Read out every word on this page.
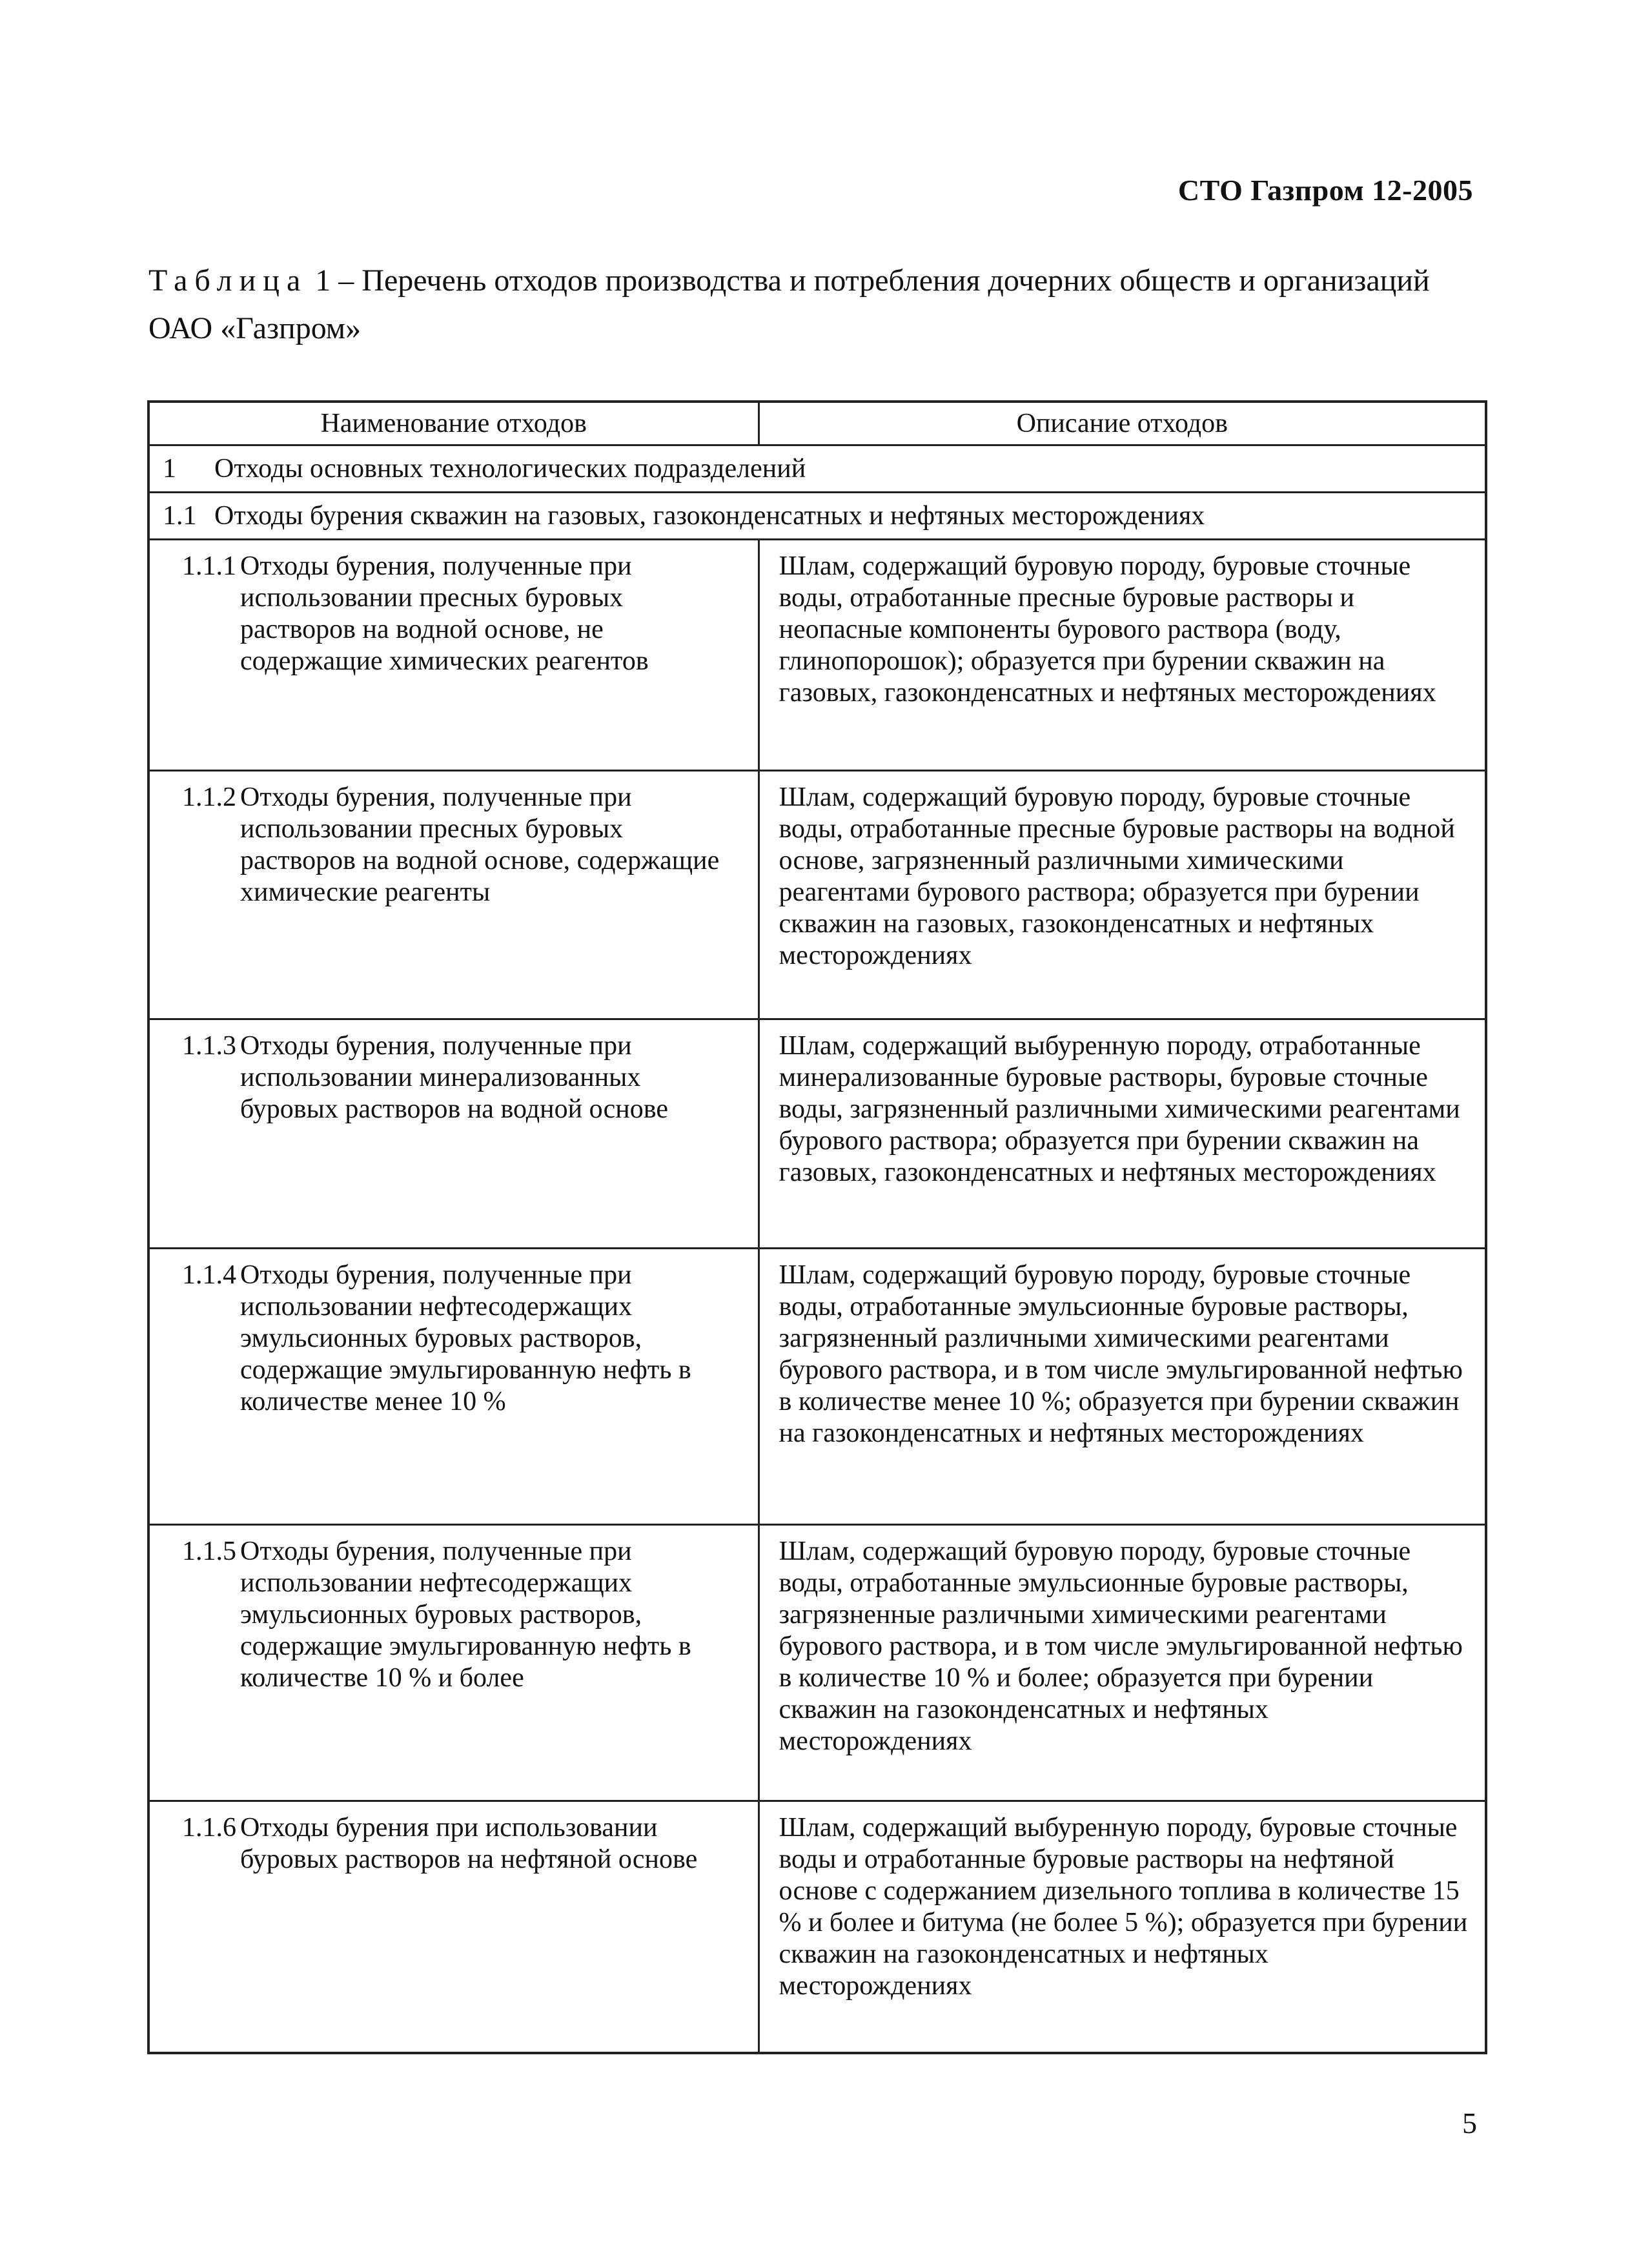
СТО Газпром 12-2005
Таблица 1 – Перечень отходов производства и потребления дочерних обществ и организаций ОАО «Газпром»
Наименование отходов	Описание отходов
1 Отходы основных технологических подразделений	
1.1 Отходы бурения скважин на газовых, газоконденсатных и нефтяных месторождениях	

1.1.1 Отходы бурения, полученные при использовании пресных буровых растворов на водной основе, не содержащие химических реагентов	Шлам, содержащий буровую породу, буровые сточные воды, отработанные пресные буровые растворы и неопасные компоненты бурового раствора (воду, глинопорошок); образуется при бурении скважин на газовых, газоконденсатных и нефтяных месторождениях

1.1.2 Отходы бурения, полученные при использовании пресных буровых растворов на водной основе, содержащие химические реагенты	Шлам, содержащий буровую породу, буровые сточные воды, отработанные пресные буровые растворы на водной основе, загрязненный различными химическими реагентами бурового раствора; образуется при бурении скважин на газовых, газоконденсатных и нефтяных месторождениях

1.1.3 Отходы бурения, полученные при использовании минерализованных буровых растворов на водной основе	Шлам, содержащий выбуренную породу, отработанные минерализованные буровые растворы, буровые сточные воды, загрязненный различными химическими реагентами бурового раствора; образуется при бурении скважин на газовых, газоконденсатных и нефтяных месторождениях

1.1.4 Отходы бурения, полученные при использовании нефтесодержащих эмульсионных буровых растворов, содержащие эмульгированную нефть в количестве менее 10 %	Шлам, содержащий буровую породу, буровые сточные воды, отработанные эмульсионные буровые растворы, загрязненный различными химическими реагентами бурового раствора, и в том числе эмульгированной нефтью в количестве менее 10 %; образуется при бурении скважин на газоконденсатных и нефтяных месторождениях

1.1.5 Отходы бурения, полученные при использовании нефтесодержащих эмульсионных буровых растворов, содержащие эмульгированную нефть в количестве 10 % и более	Шлам, содержащий буровую породу, буровые сточные воды, отработанные эмульсионные буровые растворы, загрязненные различными химическими реагентами бурового раствора, и в том числе эмульгированной нефтью в количестве 10 % и более; образуется при бурении скважин на газоконденсатных и нефтяных месторождениях

1.1.6 Отходы бурения при использовании буровых растворов на нефтяной основе	Шлам, содержащий выбуренную породу, буровые сточные воды и отработанные буровые растворы на нефтяной основе с содержанием дизельного топлива в количестве 15 % и более и битума (не более 5 %); образуется при бурении скважин на газоконденсатных и нефтяных месторождениях
5
